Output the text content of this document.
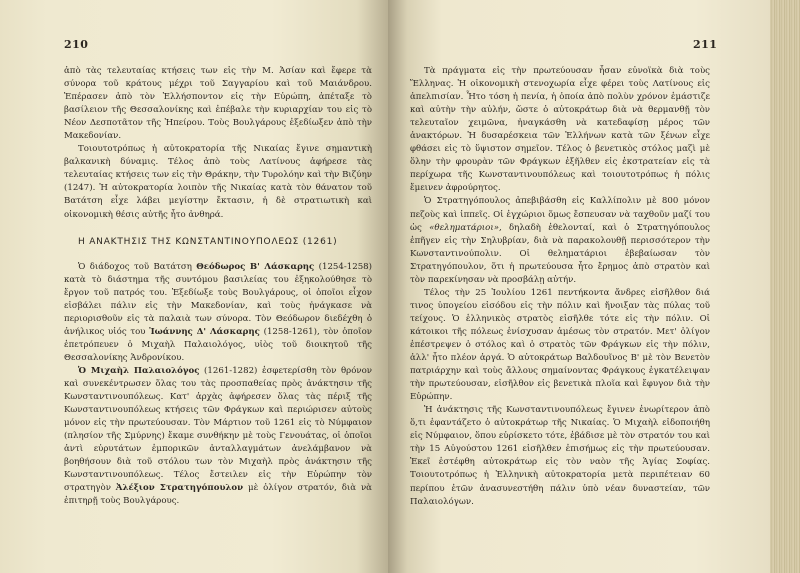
210

ἀπὸ τὰς τελευταίας κτήσεις των εἰς τὴν Μ. Ἀσίαν καὶ ἔφερε τὰ σύνορα τοῦ κράτους μέχρι τοῦ Σαγγαρίου καὶ τοῦ Μαιάνδρου. Ἐπέρασεν ἀπὸ τὸν Ἑλλήσποντον εἰς τὴν Εὐρώπη, ἀπέταξε τὸ βασίλειον τῆς Θεσσαλονίκης καὶ ἐπέβαλε τὴν κυριαρχίαν του εἰς τὸ Νέον Δεσποτᾶτον τῆς Ἠπείρου. Τοὺς Βουλγάρους ἐξεδίωξεν ἀπὸ τὴν Μακεδονίαν.

Τοιουτοτρόπως ἡ αὐτοκρατορία τῆς Νικαίας ἔγινε σημαντικὴ βαλκανικὴ δύναμις. Τέλος ἀπὸ τοὺς Λατίνους ἀφήρεσε τὰς τελευταίας κτήσεις των εἰς τὴν Θράκην, τὴν Τυρολόην καὶ τὴν Βιζύην (1247). Ἡ αὐτοκρατορία λοιπὸν τῆς Νικαίας κατὰ τὸν θάνατον τοῦ Βατάτση εἶχε λάβει μεγίστην ἔκτασιν, ἡ δὲ στρατιωτικὴ καὶ οἰκονομικὴ θέσις αὐτῆς ἦτο ἀνθηρά.

Η ΑΝΑΚΤΗΣΙΣ ΤΗΣ ΚΩΝΣΤΑΝΤΙΝΟΥΠΟΛΕΩΣ (1261)

Ὁ διάδοχος τοῦ Βατάτση Θεόδωρος Β' Λάσκαρης (1254-1258) κατὰ τὸ διάστημα τῆς συντόμου βασιλείας του ἐξηκολούθησε τὸ ἔργον τοῦ πατρός του. Ἐξεδίωξε τοὺς Βουλγάρους, οἱ ὁποῖοι εἶχον εἰσβάλει πάλιν εἰς τὴν Μακεδονίαν, καὶ τοὺς ἠνάγκασε νὰ περιορισθοῦν εἰς τὰ παλαιὰ των σύνορα. Τὸν Θεόδωρον διεδέχθη ὁ ἀνήλικος υἱός του Ἰωάννης Δ' Λάσκαρης (1258-1261), τὸν ὁποῖον ἐπετρόπευεν ὁ Μιχαὴλ Παλαιολόγος, υἱὸς τοῦ διοικητοῦ τῆς Θεσσαλονίκης Ἀνδρονίκου.

Ὁ Μιχαὴλ Παλαιολόγος (1261-1282) ἐσφετερίσθη τὸν θρόνον καὶ συνεκέντρωσεν ὅλας του τὰς προσπαθείας πρὸς ἀνάκτησιν τῆς Κωνσταντινουπόλεως. Κατ' ἀρχὰς ἀφήρεσεν ὅλας τὰς πέριξ τῆς Κωνσταντινουπόλεως κτήσεις τῶν Φράγκων καὶ περιώρισεν αὐτοὺς μόνον εἰς τὴν πρωτεύουσαν. Τὸν Μάρτιον τοῦ 1261 εἰς τὸ Νύμφαιον (πλησίον τῆς Σμύρνης) ἔκαμε συνθήκην μὲ τοὺς Γενουάτας, οἱ ὁποῖοι ἀντὶ εὐρυτάτων ἐμπορικῶν ἀνταλλαγμάτων ἀνελάμβανον νὰ βοηθήσουν διὰ τοῦ στόλου των τὸν Μιχαὴλ πρὸς ἀνάκτησιν τῆς Κωνσταντινουπόλεως. Τέλος ἔστειλεν εἰς τὴν Εὐρώπην τὸν στρατηγὸν Ἀλέξιον Στρατηγόπουλον μὲ ὀλίγον στρατόν, διὰ νὰ ἐπιτηρῇ τοὺς Βουλγάρους.

211

Τὰ πράγματα εἰς τὴν πρωτεύουσαν ἦσαν εὐνοϊκὰ διὰ τοὺς Ἕλληνας. Ἡ οἰκονομικὴ στενοχωρία εἶχε φέρει τοὺς Λατίνους εἰς ἀπελπισίαν. Ἦτο τόση ἡ πενία, ἡ ὁποία ἀπὸ πολὺν χρόνον ἐμάστιζε καὶ αὐτὴν τὴν αὐλήν, ὥστε ὁ αὐτοκράτωρ διὰ νὰ θερμανθῇ τὸν τελευταῖον χειμῶνα, ἠναγκάσθη νὰ κατεδαφίσῃ μέρος τῶν ἀνακτόρων. Ἡ δυσαρέσκεια τῶν Ἑλλήνων κατὰ τῶν ξένων εἶχε φθάσει εἰς τὸ ὕψιστον σημεῖον. Τέλος ὁ βενετικὸς στόλος μαζὶ μὲ ὅλην τὴν φρουρὰν τῶν Φράγκων ἐξῆλθεν εἰς ἐκστρατείαν εἰς τὰ περίχωρα τῆς Κωνσταντινουπόλεως καὶ τοιουτοτρόπως ἡ πόλις ἔμεινεν ἀφρούρητος.

Ὁ Στρατηγόπουλος ἀπεβιβάσθη εἰς Καλλίπολιν μὲ 800 μόνον πεζοὺς καὶ ἱππεῖς. Οἱ ἐγχώριοι ὅμως ἔσπευσαν νὰ ταχθοῦν μαζί του ὡς «θεληματάριοι», δηλαδὴ ἐθελονταί, καὶ ὁ Στρατηγόπουλος ἐπῆγεν εἰς τὴν Σηλυβρίαν, διὰ νὰ παρακολουθῇ περισσότερον τὴν Κωνσταντινούπολιν. Οἱ θεληματάριοι ἐβεβαίωσαν τὸν Στρατηγόπουλον, ὅτι ἡ πρωτεύουσα ἦτο ἔρημος ἀπὸ στρατὸν καὶ τὸν παρεκίνησαν νὰ προσβάλῃ αὐτήν.

Τέλος τὴν 25 Ἰουλίου 1261 πεντήκοντα ἄνδρες εἰσῆλθον διά τινος ὑπογείου εἰσόδου εἰς τὴν πόλιν καὶ ἤνοιξαν τὰς πύλας τοῦ τείχους. Ὁ ἑλληνικὸς στρατὸς εἰσῆλθε τότε εἰς τὴν πόλιν. Οἱ κάτοικοι τῆς πόλεως ἐνίσχυσαν ἀμέσως τὸν στρατόν. Μετ' ὀλίγον ἐπέστρεψεν ὁ στόλος καὶ ὁ στρατὸς τῶν Φράγκων εἰς τὴν πόλιν, ἀλλ' ἦτο πλέον ἀργά. Ὁ αὐτοκράτωρ Βαλδουῖνος Β' μὲ τὸν Βενετὸν πατριάρχην καὶ τοὺς ἄλλους σημαίνοντας Φράγκους ἐγκατέλειψαν τὴν πρωτεύουσαν, εἰσῆλθον εἰς βενετικὰ πλοῖα καὶ ἔφυγον διὰ τὴν Εὐρώπην.

Ἡ ἀνάκτησις τῆς Κωνσταντινουπόλεως ἔγινεν ἐνωρίτερον ἀπὸ ὅ,τι ἐφαντάζετο ὁ αὐτοκράτωρ τῆς Νικαίας. Ὁ Μιχαὴλ εἰδοποιήθη εἰς Νύμφαιον, ὅπου εὑρίσκετο τότε, ἐβάδισε μὲ τὸν στρατόν του καὶ τὴν 15 Αὐγούστου 1261 εἰσῆλθεν ἐπισήμως εἰς τὴν πρωτεύουσαν. Ἐκεῖ ἐστέφθη αὐτοκράτωρ εἰς τὸν ναὸν τῆς Ἁγίας Σοφίας. Τοιουτοτρόπως ἡ Ἑλληνικὴ αὐτοκρατορία μετὰ περιπέτειαν 60 περίπου ἐτῶν ἀνασυνεστήθη πάλιν ὑπὸ νέαν δυναστείαν, τῶν Παλαιολόγων.
